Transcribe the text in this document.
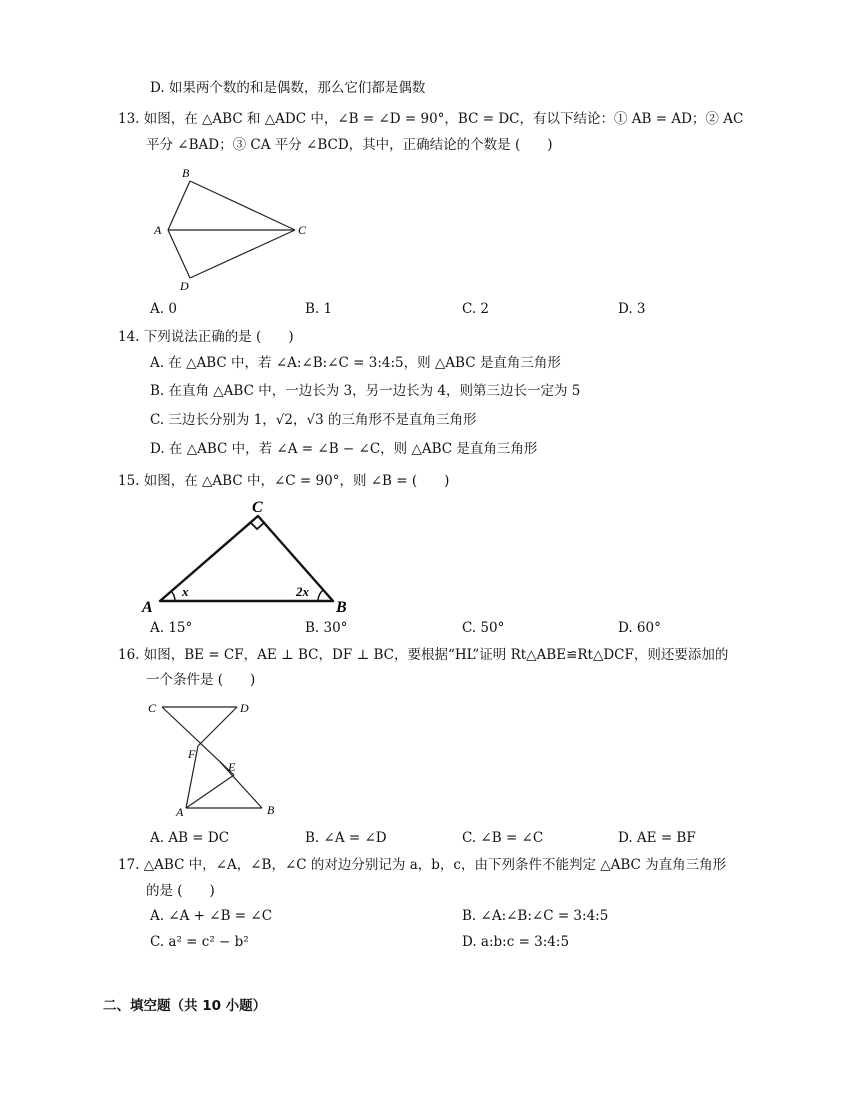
D. 如果两个数的和是偶数，那么它们都是偶数
13. 如图，在 △ABC 和 △ADC 中，∠B = ∠D = 90°，BC = DC，有以下结论：① AB = AD；② AC
平分 ∠BAD；③ CA 平分 ∠BCD，其中，正确结论的个数是 (　　)
B
A	C
D
A. 0	B. 1	C. 2	D. 3
14. 下列说法正确的是 (　　)
A. 在 △ABC 中，若 ∠A:∠B:∠C = 3:4:5，则 △ABC 是直角三角形
B. 在直角 △ABC 中，一边长为 3，另一边长为 4，则第三边长一定为 5
C. 三边长分别为 1，√2，√3 的三角形不是直角三角形
D. 在 △ABC 中，若 ∠A = ∠B − ∠C，则 △ABC 是直角三角形
15. 如图，在 △ABC 中，∠C = 90°，则 ∠B = (　　)
C
A	B
x	2x
A. 15°	B. 30°	C. 50°	D. 60°
16. 如图，BE = CF，AE ⊥ BC，DF ⊥ BC，要根据“HL”证明 Rt△ABE≌Rt△DCF，则还要添加的
一个条件是 (　　)
C	D
F
E
A	B
A. AB = DC	B. ∠A = ∠D	C. ∠B = ∠C	D. AE = BF
17. △ABC 中，∠A，∠B，∠C 的对边分别记为 a，b，c，由下列条件不能判定 △ABC 为直角三角形
的是 (　　)
A. ∠A + ∠B = ∠C	B. ∠A:∠B:∠C = 3:4:5
C. a² = c² − b²	D. a:b:c = 3:4:5
二、填空题（共 10 小题）
